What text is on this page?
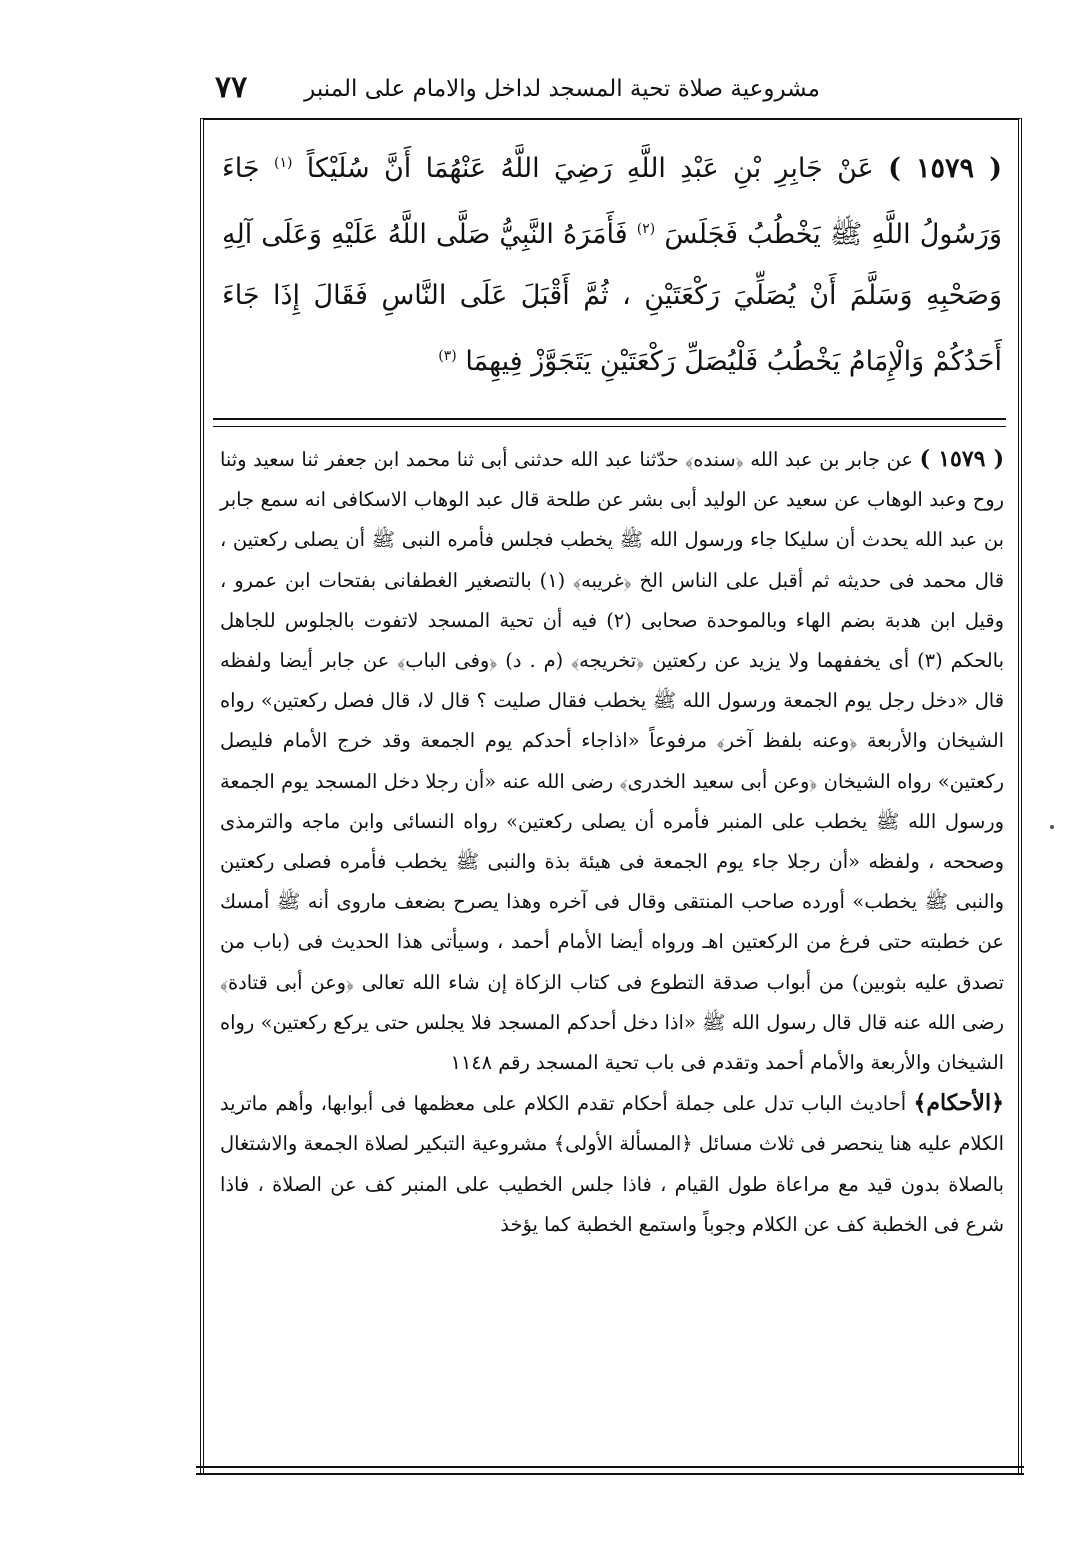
مشروعية صلاة تحية المسجد لداخل والامام على المنبر
٧٧
( ١٥٧٩ ) عَنْ جَابِرِ بْنِ عَبْدِ اللَّهِ رَضِيَ اللَّهُ عَنْهُمَا أَنَّ سُلَيْكاً $^{(١)}$ جَاءَ وَرَسُولُ اللَّهِ ﷺ يَخْطُبُ فَجَلَسَ $^{(٢)}$ فَأَمَرَهُ النَّبِيُّ صَلَّى اللَّهُ عَلَيْهِ وَعَلَى آلِهِ وَصَحْبِهِ وَسَلَّمَ أَنْ يُصَلِّيَ رَكْعَتَيْنِ ، ثُمَّ أَقْبَلَ عَلَى النَّاسِ فَقَالَ إِذَا جَاءَ أَحَدُكُمْ وَالْإِمَامُ يَخْطُبُ فَلْيُصَلِّ رَكْعَتَيْنِ يَتَجَوَّزْ فِيهِمَا $^{(٣)}$

( ١٥٧٩ ) عن جابر بن عبد الله ﴿سنده﴾ حدّثنا عبد الله حدثنى أبى ثنا محمد ابن جعفر ثنا سعيد وثنا روح وعبد الوهاب عن سعيد عن الوليد أبى بشر عن طلحة قال عبد الوهاب الاسكافى انه سمع جابر بن عبد الله يحدث أن سليكا جاء ورسول الله ﷺ يخطب فجلس فأمره النبى ﷺ أن يصلى ركعتين ، قال محمد فى حديثه ثم أقبل على الناس الخ ﴿غريبه﴾ (١) بالتصغير الغطفانى بفتحات ابن عمرو ، وقيل ابن هدبة بضم الهاء وبالموحدة صحابى (٢) فيه أن تحية المسجد لاتفوت بالجلوس للجاهل بالحكم (٣) أى يخففهما ولا يزيد عن ركعتين ﴿تخريجه﴾ (م . د) ﴿وفى الباب﴾ عن جابر أيضا ولفظه قال «دخل رجل يوم الجمعة ورسول الله ﷺ يخطب فقال صليت ؟ قال لا، قال فصل ركعتين» رواه الشيخان والأربعة ﴿وعنه بلفظ آخر﴾ مرفوعاً «اذاجاء أحدكم يوم الجمعة وقد خرج الأمام فليصل ركعتين» رواه الشيخان ﴿وعن أبى سعيد الخدرى﴾ رضى الله عنه «أن رجلا دخل المسجد يوم الجمعة ورسول الله ﷺ يخطب على المنبر فأمره أن يصلى ركعتين» رواه النسائى وابن ماجه والترمذى وصححه ، ولفظه «أن رجلا جاء يوم الجمعة فى هيئة بذة والنبى ﷺ يخطب فأمره فصلى ركعتين والنبى ﷺ يخطب» أورده صاحب المنتقى وقال فى آخره وهذا يصرح بضعف ماروى أنه ﷺ أمسك عن خطبته حتى فرغ من الركعتين اهـ ورواه أيضا الأمام أحمد ، وسيأتى هذا الحديث فى (باب من تصدق عليه بثوبين) من أبواب صدقة التطوع فى كتاب الزكاة إن شاء الله تعالى ﴿وعن أبى قتادة﴾ رضى الله عنه قال قال رسول الله ﷺ «اذا دخل أحدكم المسجد فلا يجلس حتى يركع ركعتين» رواه الشيخان والأربعة والأمام أحمد وتقدم فى باب تحية المسجد رقم ١١٤٨

﴿الأحكام﴾ أحاديث الباب تدل على جملة أحكام تقدم الكلام على معظمها فى أبوابها، وأهم ماتريد الكلام عليه هنا ينحصر فى ثلاث مسائل ﴿المسألة الأولى﴾ مشروعية التبكير لصلاة الجمعة والاشتغال بالصلاة بدون قيد مع مراعاة طول القيام ، فاذا جلس الخطيب على المنبر كف عن الصلاة ، فاذا شرع فى الخطبة كف عن الكلام وجوباً واستمع الخطبة كما يؤخذ
